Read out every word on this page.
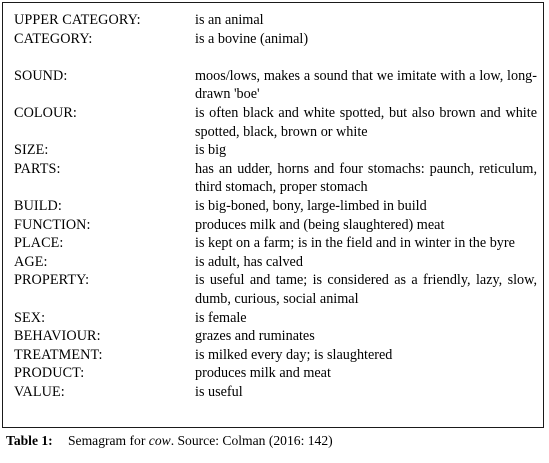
UPPER CATEGORY:	is an animal
CATEGORY:	is a bovine (animal)
SOUND:	moos/lows, makes a sound that we imitate with a low, long-drawn 'boe'
COLOUR:	is often black and white spotted, but also brown and white spotted, black, brown or white
SIZE:	is big
PARTS:	has an udder, horns and four stomachs: paunch, reticulum, third stomach, proper stomach
BUILD:	is big-boned, bony, large-limbed in build
FUNCTION:	produces milk and (being slaughtered) meat
PLACE:	is kept on a farm; is in the field and in winter in the byre
AGE:	is adult, has calved
PROPERTY:	is useful and tame; is considered as a friendly, lazy, slow, dumb, curious, social animal
SEX:	is female
BEHAVIOUR:	grazes and ruminates
TREATMENT:	is milked every day; is slaughtered
PRODUCT:	produces milk and meat
VALUE:	is useful
Table 1: Semagram for cow. Source: Colman (2016: 142)
